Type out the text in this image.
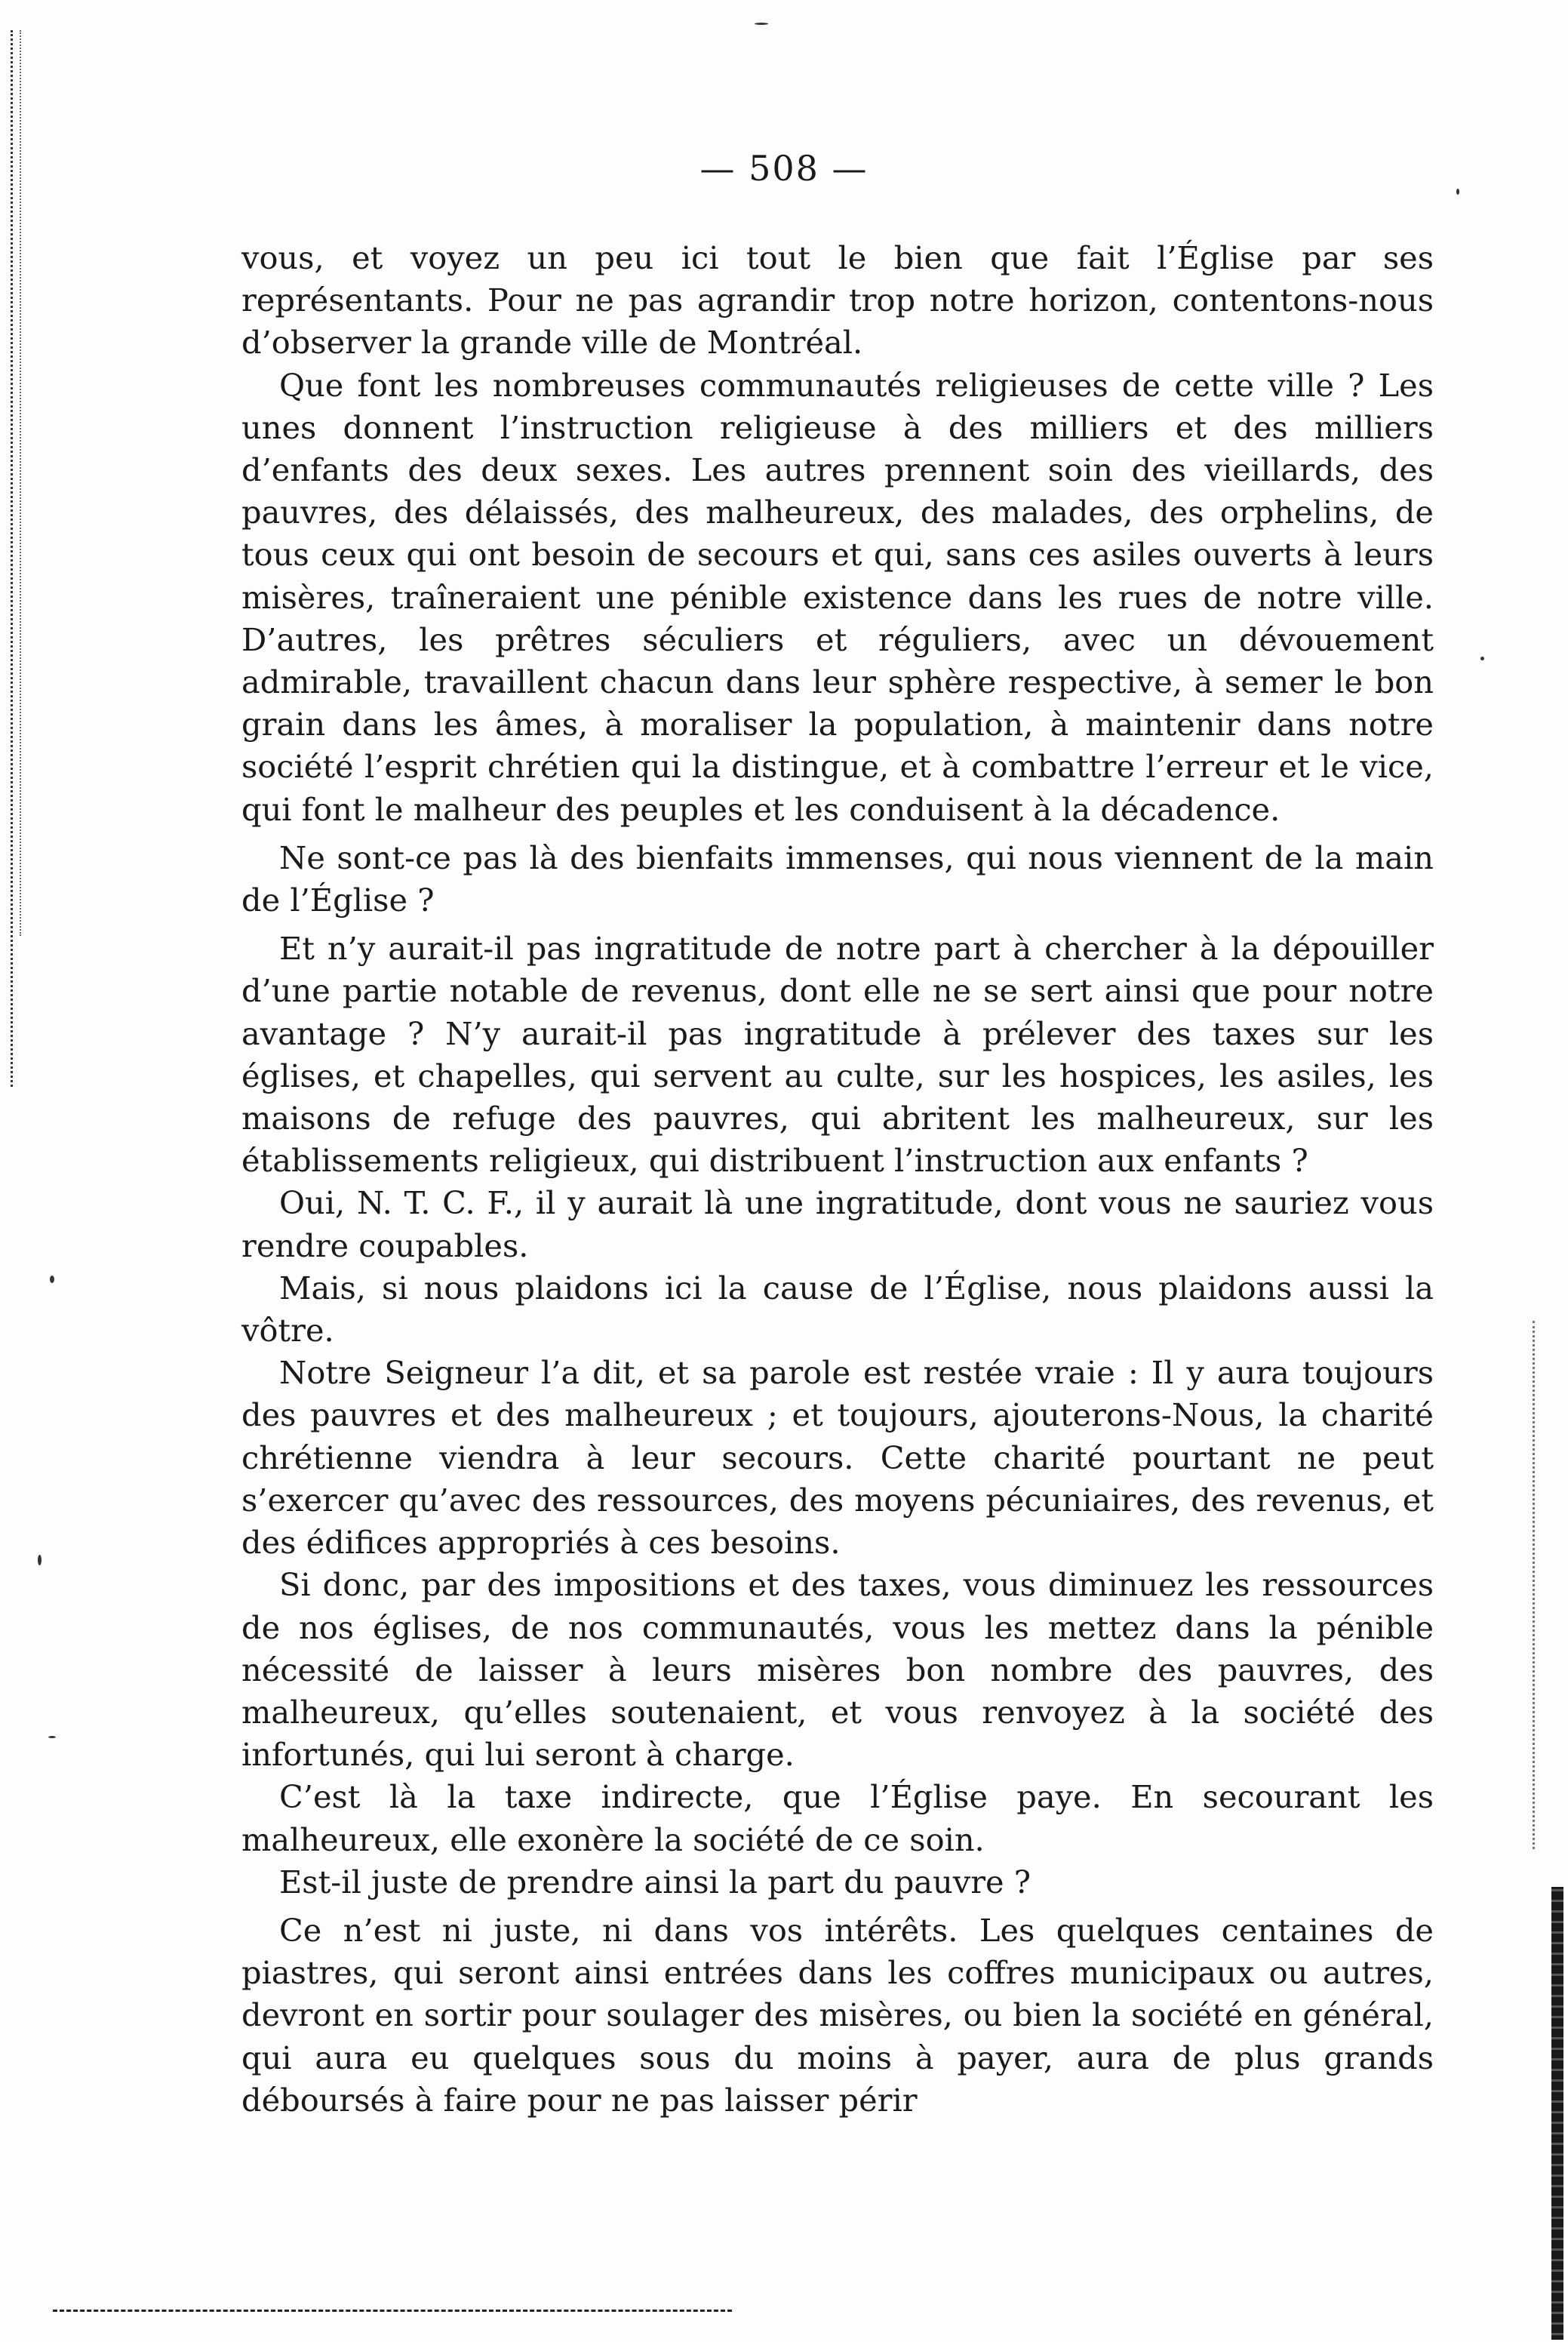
— 508 —

vous, et voyez un peu ici tout le bien que fait l’Église par ses représentants. Pour ne pas agrandir trop notre horizon, contentons-nous d’observer la grande ville de Montréal.

Que font les nombreuses communautés religieuses de cette ville ? Les unes donnent l’instruction religieuse à des milliers et des milliers d’enfants des deux sexes. Les autres prennent soin des vieillards, des pauvres, des délaissés, des malheureux, des malades, des orphelins, de tous ceux qui ont besoin de secours et qui, sans ces asiles ouverts à leurs misères, traîneraient une pénible existence dans les rues de notre ville. D’autres, les prêtres séculiers et réguliers, avec un dévouement admirable, travaillent chacun dans leur sphère respective, à semer le bon grain dans les âmes, à moraliser la population, à maintenir dans notre société l’esprit chrétien qui la distingue, et à combattre l’erreur et le vice, qui font le malheur des peuples et les conduisent à la décadence.

Ne sont-ce pas là des bienfaits immenses, qui nous viennent de la main de l’Église ?

Et n’y aurait-il pas ingratitude de notre part à chercher à la dépouiller d’une partie notable de revenus, dont elle ne se sert ainsi que pour notre avantage ? N’y aurait-il pas ingratitude à prélever des taxes sur les églises, et chapelles, qui servent au culte, sur les hospices, les asiles, les maisons de refuge des pauvres, qui abritent les malheureux, sur les établissements religieux, qui distribuent l’instruction aux enfants ?

Oui, N. T. C. F., il y aurait là une ingratitude, dont vous ne sauriez vous rendre coupables.

Mais, si nous plaidons ici la cause de l’Église, nous plaidons aussi la vôtre.

Notre Seigneur l’a dit, et sa parole est restée vraie : Il y aura toujours des pauvres et des malheureux ; et toujours, ajouterons-Nous, la charité chrétienne viendra à leur secours. Cette charité pourtant ne peut s’exercer qu’avec des ressources, des moyens pécuniaires, des revenus, et des édifices appropriés à ces besoins.

Si donc, par des impositions et des taxes, vous diminuez les ressources de nos églises, de nos communautés, vous les mettez dans la pénible nécessité de laisser à leurs misères bon nombre des pauvres, des malheureux, qu’elles soutenaient, et vous renvoyez à la société des infortunés, qui lui seront à charge.

C’est là la taxe indirecte, que l’Église paye. En secourant les malheureux, elle exonère la société de ce soin.

Est-il juste de prendre ainsi la part du pauvre ?

Ce n’est ni juste, ni dans vos intérêts. Les quelques centaines de piastres, qui seront ainsi entrées dans les coffres municipaux ou autres, devront en sortir pour soulager des misères, ou bien la société en général, qui aura eu quelques sous du moins à payer, aura de plus grands déboursés à faire pour ne pas laisser périr
